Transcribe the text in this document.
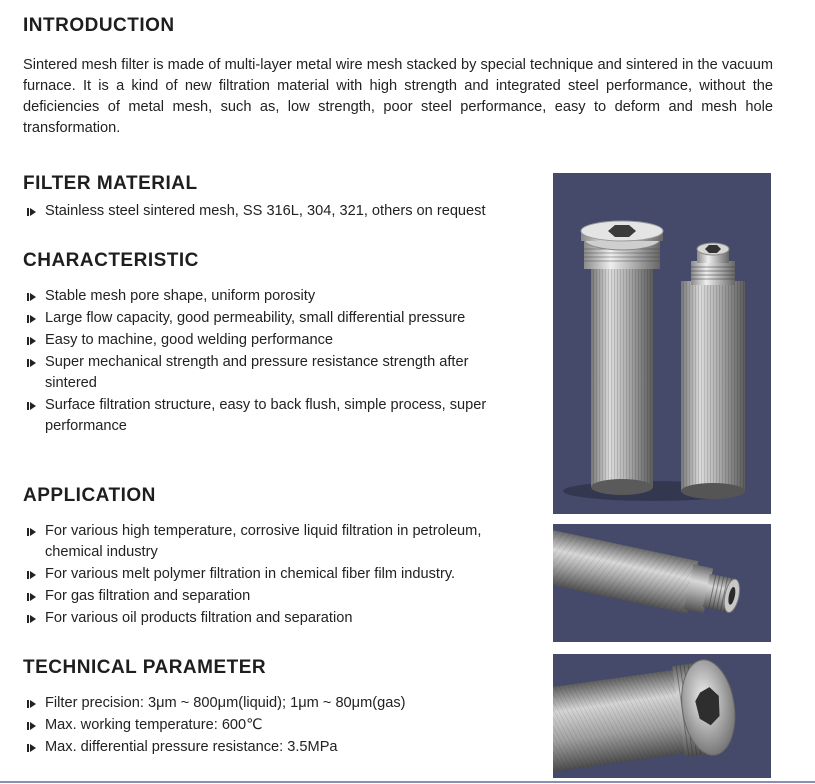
INTRODUCTION

Sintered mesh filter is made of multi-layer metal wire mesh stacked by special technique and sintered in the vacuum furnace. It is a kind of new filtration material with high strength and integrated steel performance, without the deficiencies of metal mesh, such as, low strength, poor steel performance, easy to deform and mesh hole transformation.

FILTER MATERIAL
Stainless steel sintered mesh, SS 316L, 304, 321, others on request
CHARACTERISTIC
Stable mesh pore shape, uniform porosity
Large flow capacity, good permeability, small differential pressure
Easy to machine, good welding performance
Super mechanical strength and pressure resistance strength after sintered
Surface filtration structure, easy to back flush, simple process, super performance
APPLICATION
For various high temperature, corrosive liquid filtration in petroleum, chemical industry
For various melt polymer filtration in chemical fiber film industry.
For gas filtration and separation
For various oil products filtration and separation
TECHNICAL PARAMETER
Filter precision: 3μm ~ 800μm(liquid); 1μm ~ 80μm(gas)
Max. working temperature: 600℃
Max. differential pressure resistance: 3.5MPa
